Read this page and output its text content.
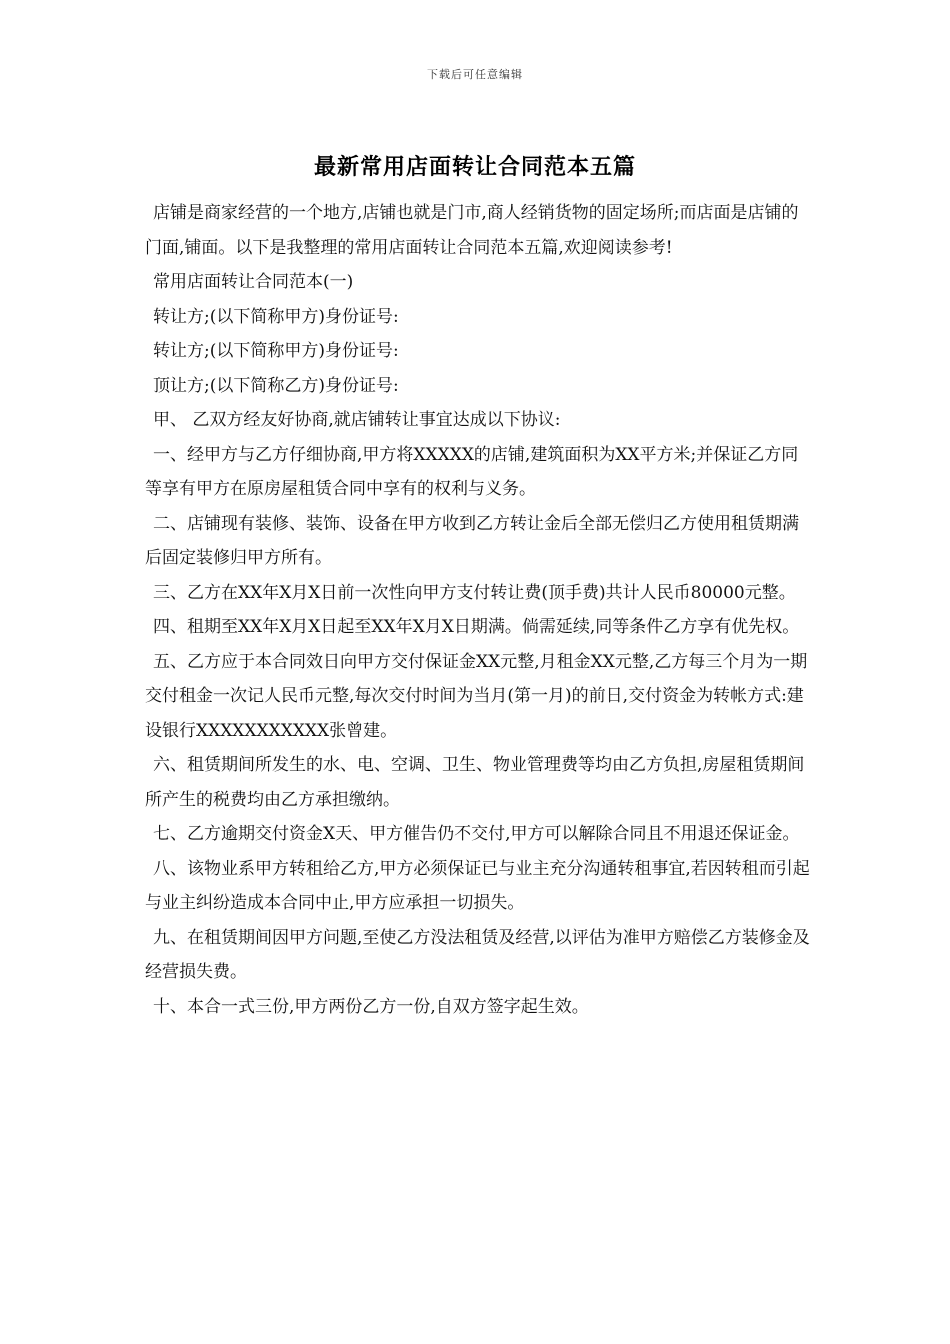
下载后可任意编辑
最新常用店面转让合同范本五篇

店铺是商家经营的一个地方,店铺也就是门市,商人经销货物的固定场所;而店面是店铺的门面,铺面。以下是我整理的常用店面转让合同范本五篇,欢迎阅读参考!

常用店面转让合同范本(一)

转让方;(以下简称甲方)身份证号:

转让方;(以下简称甲方)身份证号:

顶让方;(以下简称乙方)身份证号:

甲、 乙双方经友好协商,就店铺转让事宜达成以下协议:

一、经甲方与乙方仔细协商,甲方将XXXXX的店铺,建筑面积为XX平方米;并保证乙方同等享有甲方在原房屋租赁合同中享有的权利与义务。

二、店铺现有装修、装饰、设备在甲方收到乙方转让金后全部无偿归乙方使用租赁期满后固定装修归甲方所有。

三、乙方在XX年X月X日前一次性向甲方支付转让费(顶手费)共计人民币80000元整。

四、租期至XX年X月X日起至XX年X月X日期满。倘需延续,同等条件乙方享有优先权。

五、乙方应于本合同效日向甲方交付保证金XX元整,月租金XX元整,乙方每三个月为一期交付租金一次记人民币元整,每次交付时间为当月(第一月)的前日,交付资金为转帐方式:建设银行XXXXXXXXXXX张曾建。

六、租赁期间所发生的水、电、空调、卫生、物业管理费等均由乙方负担,房屋租赁期间所产生的税费均由乙方承担缴纳。

七、乙方逾期交付资金X天、甲方催告仍不交付,甲方可以解除合同且不用退还保证金。

八、该物业系甲方转租给乙方,甲方必须保证已与业主充分沟通转租事宜,若因转租而引起与业主纠纷造成本合同中止,甲方应承担一切损失。

九、在租赁期间因甲方问题,至使乙方没法租赁及经营,以评估为准甲方赔偿乙方装修金及经营损失费。

十、本合一式三份,甲方两份乙方一份,自双方签字起生效。
